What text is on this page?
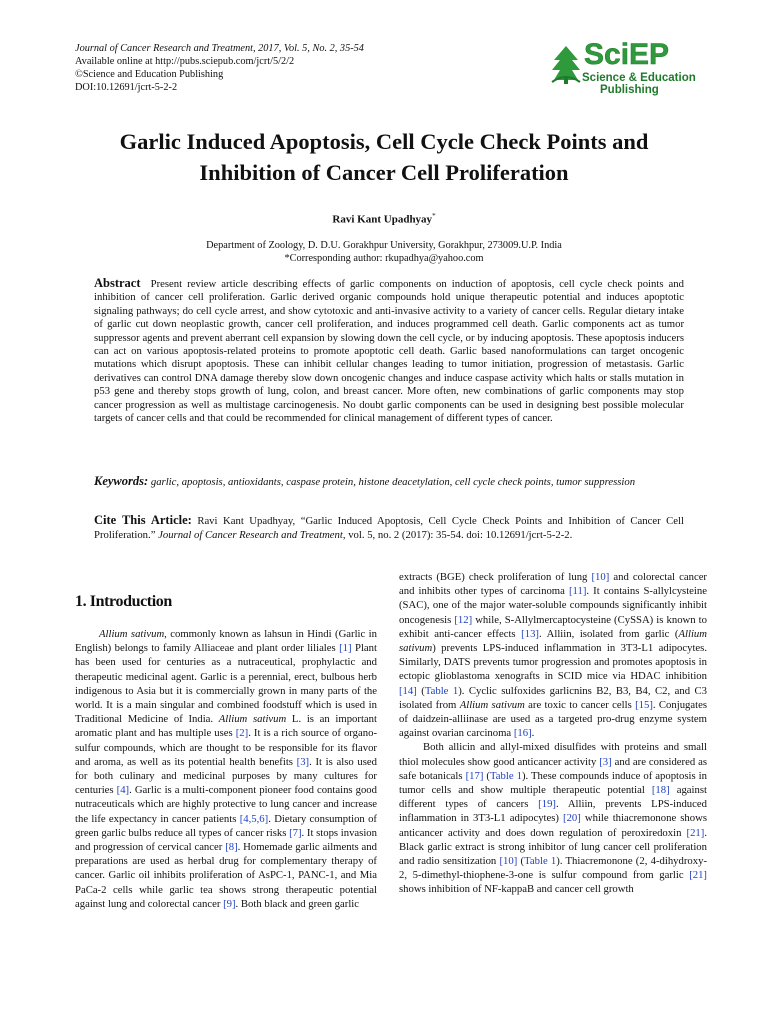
Journal of Cancer Research and Treatment, 2017, Vol. 5, No. 2, 35-54
Available online at http://pubs.sciepub.com/jcrt/5/2/2
©Science and Education Publishing
DOI:10.12691/jcrt-5-2-2
SciEP
Science & Education
Publishing
Garlic Induced Apoptosis, Cell Cycle Check Points and
Inhibition of Cancer Cell Proliferation
Ravi Kant Upadhyay*
Department of Zoology, D. D.U. Gorakhpur University, Gorakhpur, 273009.U.P. India
*Corresponding author: rkupadhya@yahoo.com
Abstract Present review article describing effects of garlic components on induction of apoptosis, cell cycle check points and inhibition of cancer cell proliferation. Garlic derived organic compounds hold unique therapeutic potential and induces apoptotic signaling pathways; do cell cycle arrest, and show cytotoxic and anti-invasive activity to a variety of cancer cells. Regular dietary intake of garlic cut down neoplastic growth, cancer cell proliferation, and induces programmed cell death. Garlic components act as tumor suppressor agents and prevent aberrant cell expansion by slowing down the cell cycle, or by inducing apoptosis. These apoptosis inducers can act on various apoptosis-related proteins to promote apoptotic cell death. Garlic based nanoformulations can target oncogenic mutations which disrupt apoptosis. These can inhibit cellular changes leading to tumor initiation, progression of metastasis. Garlic derivatives can control DNA damage thereby slow down oncogenic changes and induce caspase activity which halts or stalls mutation in p53 gene and thereby stops growth of lung, colon, and breast cancer. More often, new combinations of garlic components may stop cancer progression as well as multistage carcinogenesis. No doubt garlic components can be used in designing best possible molecular targets of cancer cells and that could be recommended for clinical management of different types of cancer.
Keywords: garlic, apoptosis, antioxidants, caspase protein, histone deacetylation, cell cycle check points, tumor suppression
Cite This Article: Ravi Kant Upadhyay, “Garlic Induced Apoptosis, Cell Cycle Check Points and Inhibition of Cancer Cell Proliferation.” Journal of Cancer Research and Treatment, vol. 5, no. 2 (2017): 35-54. doi: 10.12691/jcrt-5-2-2.
1. Introduction

Allium sativum, commonly known as lahsun in Hindi (Garlic in English) belongs to family Alliaceae and plant order liliales [1] Plant has been used for centuries as a nutraceutical, prophylactic and therapeutic medicinal agent. Garlic is a perennial, erect, bulbous herb indigenous to Asia but it is commercially grown in many parts of the world. It is a main singular and combined foodstuff which is used in Traditional Medicine of India. Allium sativum L. is an important aromatic plant and has multiple uses [2]. It is a rich source of organo-sulfur compounds, which are thought to be responsible for its flavor and aroma, as well as its potential health benefits [3]. It is also used for both culinary and medicinal purposes by many cultures for centuries [4]. Garlic is a multi-component pioneer food contains good nutraceuticals which are highly protective to lung cancer and increase the life expectancy in cancer patients [4,5,6]. Dietary consumption of green garlic bulbs reduce all types of cancer risks [7]. It stops invasion and progression of cervical cancer [8]. Homemade garlic ailments and preparations are used as herbal drug for complementary therapy of cancer. Garlic oil inhibits proliferation of AsPC-1, PANC-1, and Mia PaCa-2 cells while garlic tea shows strong therapeutic potential against lung and colorectal cancer [9]. Both black and green garlic

extracts (BGE) check proliferation of lung [10] and colorectal cancer and inhibits other types of carcinoma [11]. It contains S-allylcysteine (SAC), one of the major water-soluble compounds significantly inhibit oncogenesis [12] while, S-Allylmercaptocysteine (CySSA) is known to exhibit anti-cancer effects [13]. Alliin, isolated from garlic (Allium sativum) prevents LPS-induced inflammation in 3T3-L1 adipocytes. Similarly, DATS prevents tumor progression and promotes apoptosis in ectopic glioblastoma xenografts in SCID mice via HDAC inhibition [14] (Table 1). Cyclic sulfoxides garlicnins B2, B3, B4, C2, and C3 isolated from Allium sativum are toxic to cancer cells [15]. Conjugates of daidzein-alliinase are used as a targeted pro-drug enzyme system against ovarian carcinoma [16].

Both allicin and allyl-mixed disulfides with proteins and small thiol molecules show good anticancer activity [3] and are considered as safe botanicals [17] (Table 1). These compounds induce of apoptosis in tumor cells and show multiple therapeutic potential [18] against different types of cancers [19]. Alliin, prevents LPS-induced inflammation in 3T3-L1 adipocytes) [20] while thiacremonone shows anticancer activity and does down regulation of peroxiredoxin [21]. Black garlic extract is strong inhibitor of lung cancer cell proliferation and radio sensitization [10] (Table 1). Thiacremonone (2, 4-dihydroxy-2, 5-dimethyl-thiophene-3-one is sulfur compound from garlic [21] shows inhibition of NF-kappaB and cancer cell growth
